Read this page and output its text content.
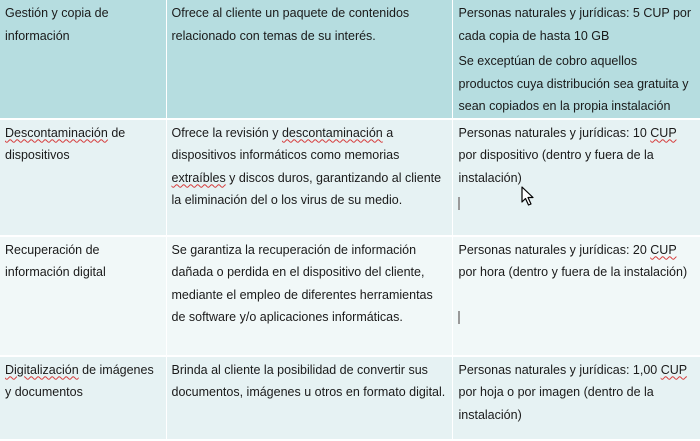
Gestión y copia de información	Ofrece al cliente un paquete de contenidos relacionado con temas de su interés.	Personas naturales y jurídicas: 5 CUP por cada copia de hasta 10 GB
Se exceptúan de cobro aquellos productos cuya distribución sea gratuita y sean copiados en la propia instalación
Descontaminación de dispositivos	Ofrece la revisión y descontaminación a dispositivos informáticos como memorias extraíbles y discos duros, garantizando al cliente la eliminación del o los virus de su medio.	Personas naturales y jurídicas: 10 CUP por dispositivo (dentro y fuera de la instalación)
Recuperación de información digital	Se garantiza la recuperación de información dañada o perdida en el dispositivo del cliente, mediante el empleo de diferentes herramientas de software y/o aplicaciones informáticas.	Personas naturales y jurídicas: 20 CUP por hora (dentro y fuera de la instalación)
Digitalización de imágenes y documentos	Brinda al cliente la posibilidad de convertir sus documentos, imágenes u otros en formato digital.	Personas naturales y jurídicas: 1,00 CUP por hoja o por imagen (dentro de la instalación)
